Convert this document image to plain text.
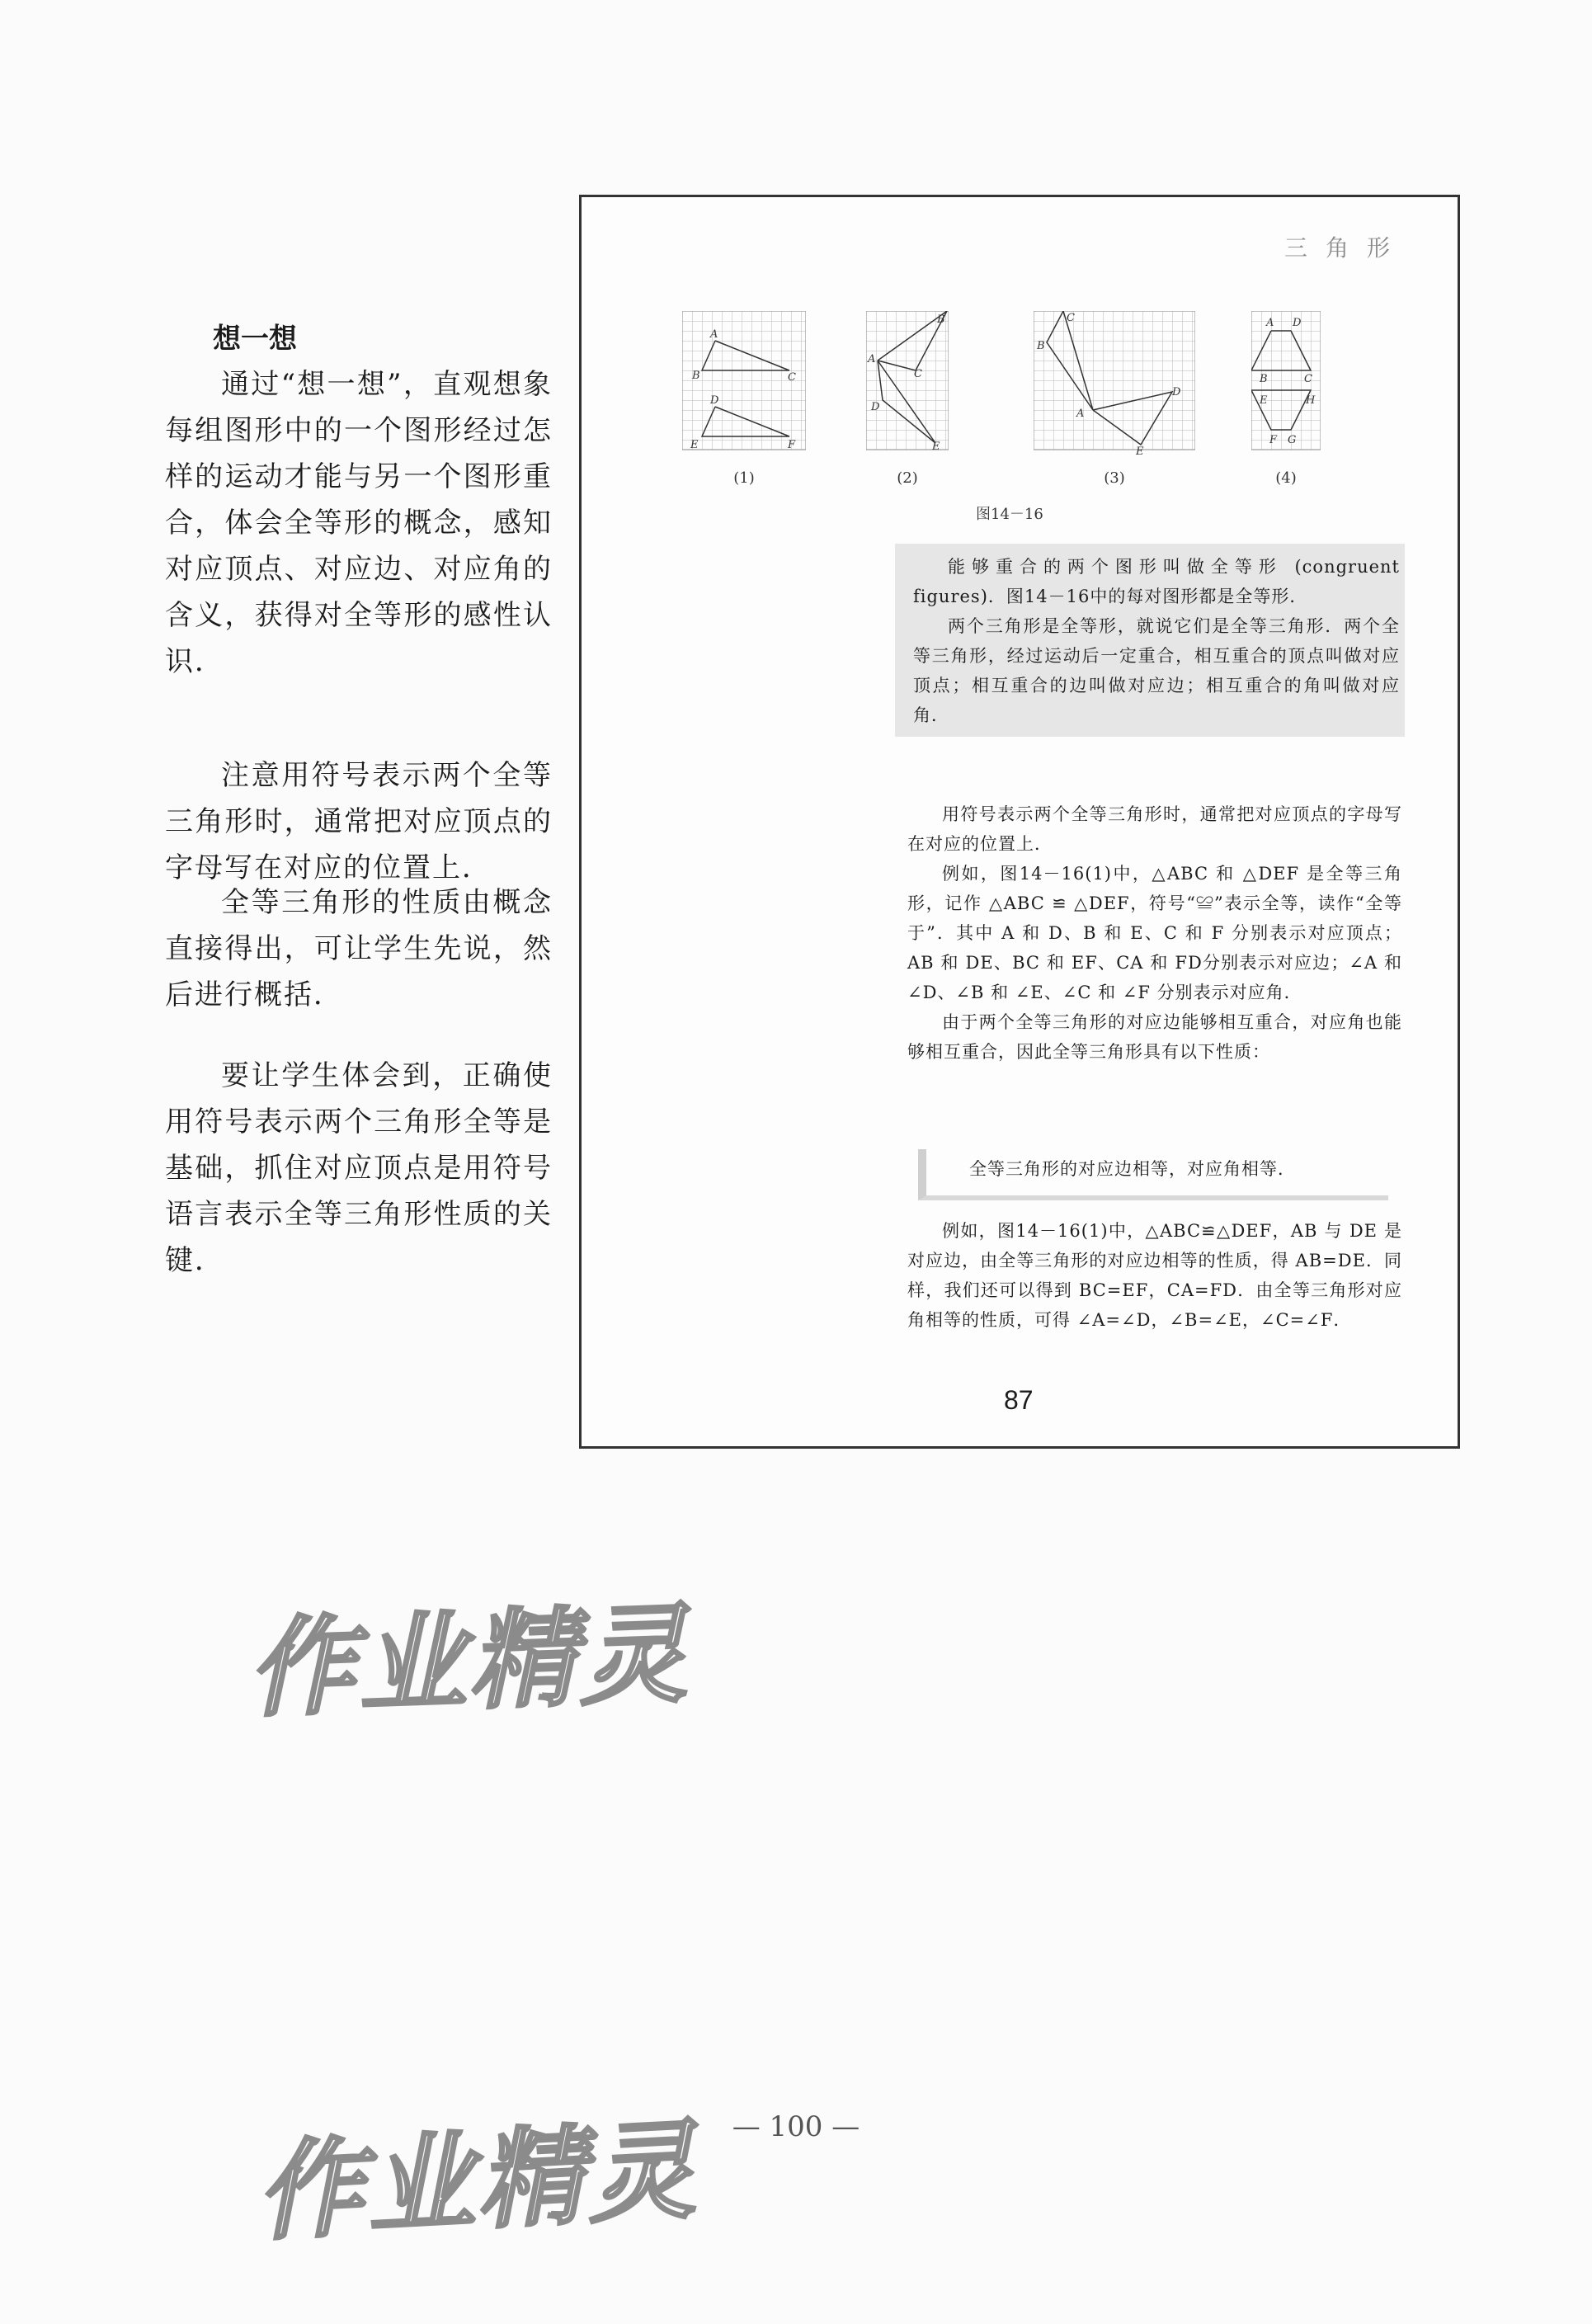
想一想

通过“想一想”，直观想象每组图形中的一个图形经过怎样的运动才能与另一个图形重合，体会全等形的概念，感知对应顶点、对应边、对应角的含义，获得对全等形的感性认识．

注意用符号表示两个全等三角形时，通常把对应顶点的字母写在对应的位置上．

全等三角形的性质由概念直接得出，可让学生先说，然后进行概括．

要让学生体会到，正确使用符号表示两个三角形全等是基础，抓住对应顶点是用符号语言表示全等三角形性质的关键．

三角形
A
B	C
D
E	F
B
A
C
D
E
C
B
A
D
E
A D
B	C
E	H
F G
(1)	(2)	(3)	(4)
图14－16

能够重合的两个图形叫做全等形 (congruent figures)．图14－16中的每对图形都是全等形．

两个三角形是全等形，就说它们是全等三角形．两个全等三角形，经过运动后一定重合，相互重合的顶点叫做对应顶点；相互重合的边叫做对应边；相互重合的角叫做对应角．

用符号表示两个全等三角形时，通常把对应顶点的字母写在对应的位置上．

例如，图14－16(1)中，△ABC 和 △DEF 是全等三角形，记作 △ABC ≌ △DEF，符号“≌”表示全等，读作“全等于”．其中 A 和 D、B 和 E、C 和 F 分别表示对应顶点；AB 和 DE、BC 和 EF、CA 和 FD分别表示对应边；∠A 和 ∠D、∠B 和 ∠E、∠C 和 ∠F 分别表示对应角．

由于两个全等三角形的对应边能够相互重合，对应角也能够相互重合，因此全等三角形具有以下性质：

全等三角形的对应边相等，对应角相等．

例如，图14－16(1)中，△ABC≌△DEF，AB 与 DE 是对应边，由全等三角形的对应边相等的性质，得 AB=DE．同样，我们还可以得到 BC=EF，CA=FD．由全等三角形对应角相等的性质，可得 ∠A=∠D，∠B=∠E，∠C=∠F．

87
作业精灵
作业精灵	— 100 —
